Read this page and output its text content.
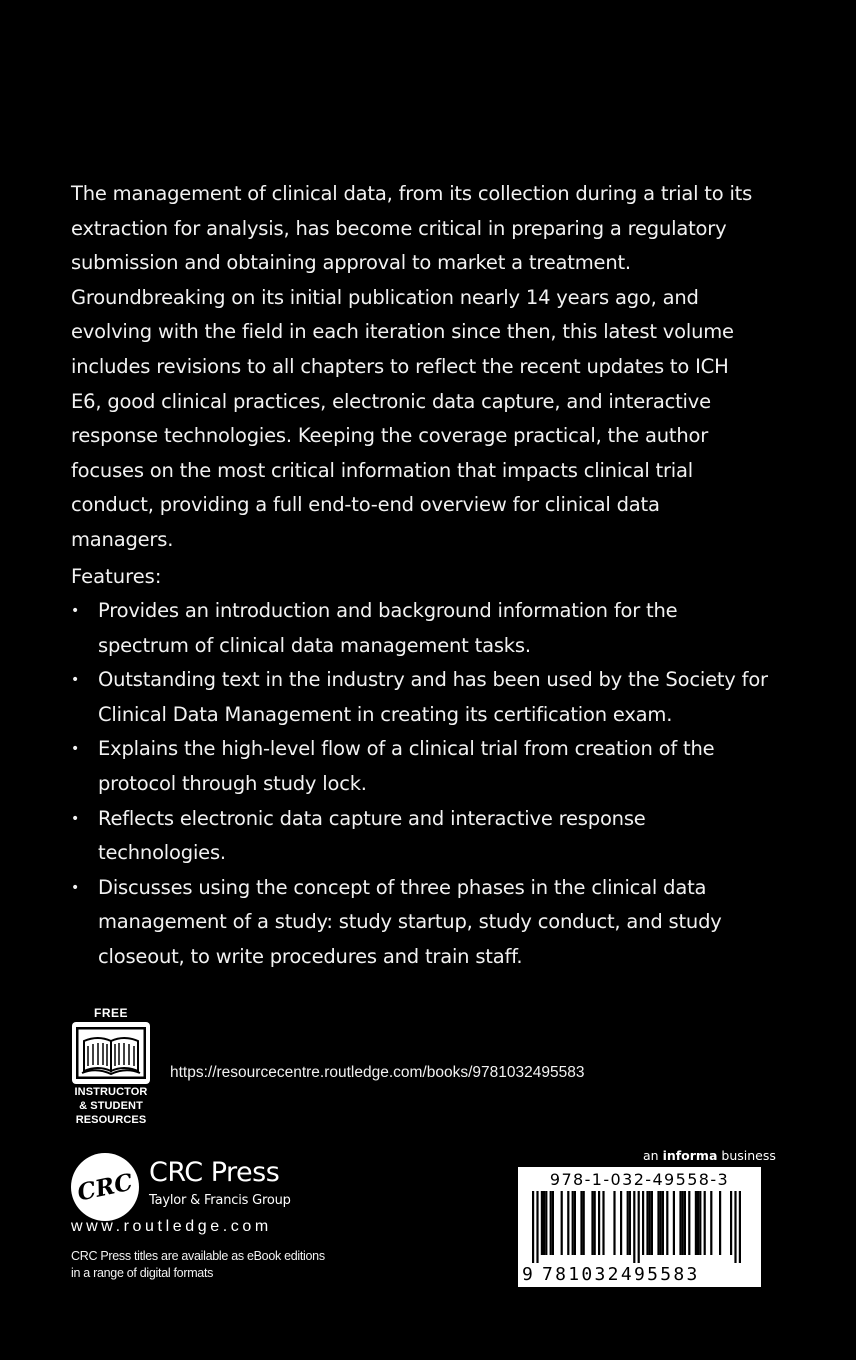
The management of clinical data, from its collection during a trial to its extraction for analysis, has become critical in preparing a regulatory submission and obtaining approval to market a treatment. Groundbreaking on its initial publication nearly 14 years ago, and evolving with the field in each iteration since then, this latest volume includes revisions to all chapters to reflect the recent updates to ICH E6, good clinical practices, electronic data capture, and interactive response technologies. Keeping the coverage practical, the author focuses on the most critical information that impacts clinical trial conduct, providing a full end-to-end overview for clinical data managers.

Features:

• Provides an introduction and background information for the spectrum of clinical data management tasks.
• Outstanding text in the industry and has been used by the Society for Clinical Data Management in creating its certification exam.
• Explains the high-level flow of a clinical trial from creation of the protocol through study lock.
• Reflects electronic data capture and interactive response technologies.
• Discusses using the concept of three phases in the clinical data management of a study: study startup, study conduct, and study closeout, to write procedures and train staff.
FREE
INSTRUCTOR
& STUDENT
RESOURCES
https://resourcecentre.routledge.com/books/9781032495583
CRC CRC Press
Taylor & Francis Group
www.routledge.com
CRC Press titles are available as eBook editions
in a range of digital formats
an informa business
978-1-032-49558-3
9 781032495583
